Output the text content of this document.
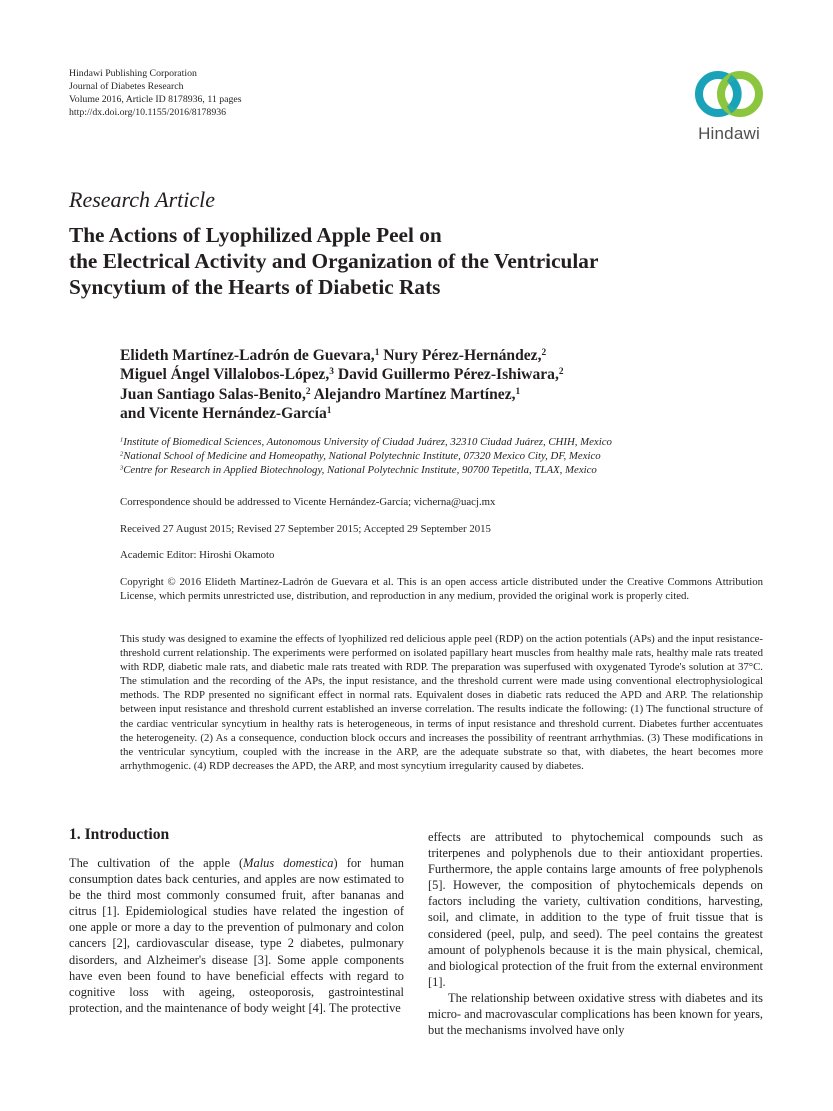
Hindawi Publishing Corporation
Journal of Diabetes Research
Volume 2016, Article ID 8178936, 11 pages
http://dx.doi.org/10.1155/2016/8178936
Hindawi
Research Article
The Actions of Lyophilized Apple Peel on
the Electrical Activity and Organization of the Ventricular
Syncytium of the Hearts of Diabetic Rats
Elideth Martínez-Ladrón de Guevara,$^1$ Nury Pérez-Hernández,$^2$
Miguel Ángel Villalobos-López,$^3$ David Guillermo Pérez-Ishiwara,$^2$
Juan Santiago Salas-Benito,$^2$ Alejandro Martínez Martínez,$^1$
and Vicente Hernández-García$^1$
$^1$Institute of Biomedical Sciences, Autonomous University of Ciudad Juárez, 32310 Ciudad Juárez, CHIH, Mexico
$^2$National School of Medicine and Homeopathy, National Polytechnic Institute, 07320 Mexico City, DF, Mexico
$^3$Centre for Research in Applied Biotechnology, National Polytechnic Institute, 90700 Tepetitla, TLAX, Mexico
Correspondence should be addressed to Vicente Hernández-García; vicherna@uacj.mx
Received 27 August 2015; Revised 27 September 2015; Accepted 29 September 2015
Academic Editor: Hiroshi Okamoto
Copyright © 2016 Elideth Martínez-Ladrón de Guevara et al. This is an open access article distributed under the Creative Commons Attribution License, which permits unrestricted use, distribution, and reproduction in any medium, provided the original work is properly cited.
This study was designed to examine the effects of lyophilized red delicious apple peel (RDP) on the action potentials (APs) and the input resistance-threshold current relationship. The experiments were performed on isolated papillary heart muscles from healthy male rats, healthy male rats treated with RDP, diabetic male rats, and diabetic male rats treated with RDP. The preparation was superfused with oxygenated Tyrode's solution at 37°C. The stimulation and the recording of the APs, the input resistance, and the threshold current were made using conventional electrophysiological methods. The RDP presented no significant effect in normal rats. Equivalent doses in diabetic rats reduced the APD and ARP. The relationship between input resistance and threshold current established an inverse correlation. The results indicate the following: (1) The functional structure of the cardiac ventricular syncytium in healthy rats is heterogeneous, in terms of input resistance and threshold current. Diabetes further accentuates the heterogeneity. (2) As a consequence, conduction block occurs and increases the possibility of reentrant arrhythmias. (3) These modifications in the ventricular syncytium, coupled with the increase in the ARP, are the adequate substrate so that, with diabetes, the heart becomes more arrhythmogenic. (4) RDP decreases the APD, the ARP, and most syncytium irregularity caused by diabetes.
1. Introduction

The cultivation of the apple (Malus domestica) for human consumption dates back centuries, and apples are now estimated to be the third most commonly consumed fruit, after bananas and citrus [1]. Epidemiological studies have related the ingestion of one apple or more a day to the prevention of pulmonary and colon cancers [2], cardiovascular disease, type 2 diabetes, pulmonary disorders, and Alzheimer's disease [3]. Some apple components have even been found to have beneficial effects with regard to cognitive loss with ageing, osteoporosis, gastrointestinal protection, and the maintenance of body weight [4]. The protective

effects are attributed to phytochemical compounds such as triterpenes and polyphenols due to their antioxidant properties. Furthermore, the apple contains large amounts of free polyphenols [5]. However, the composition of phytochemicals depends on factors including the variety, cultivation conditions, harvesting, soil, and climate, in addition to the type of fruit tissue that is considered (peel, pulp, and seed). The peel contains the greatest amount of polyphenols because it is the main physical, chemical, and biological protection of the fruit from the external environment [1].

The relationship between oxidative stress with diabetes and its micro- and macrovascular complications has been known for years, but the mechanisms involved have only
